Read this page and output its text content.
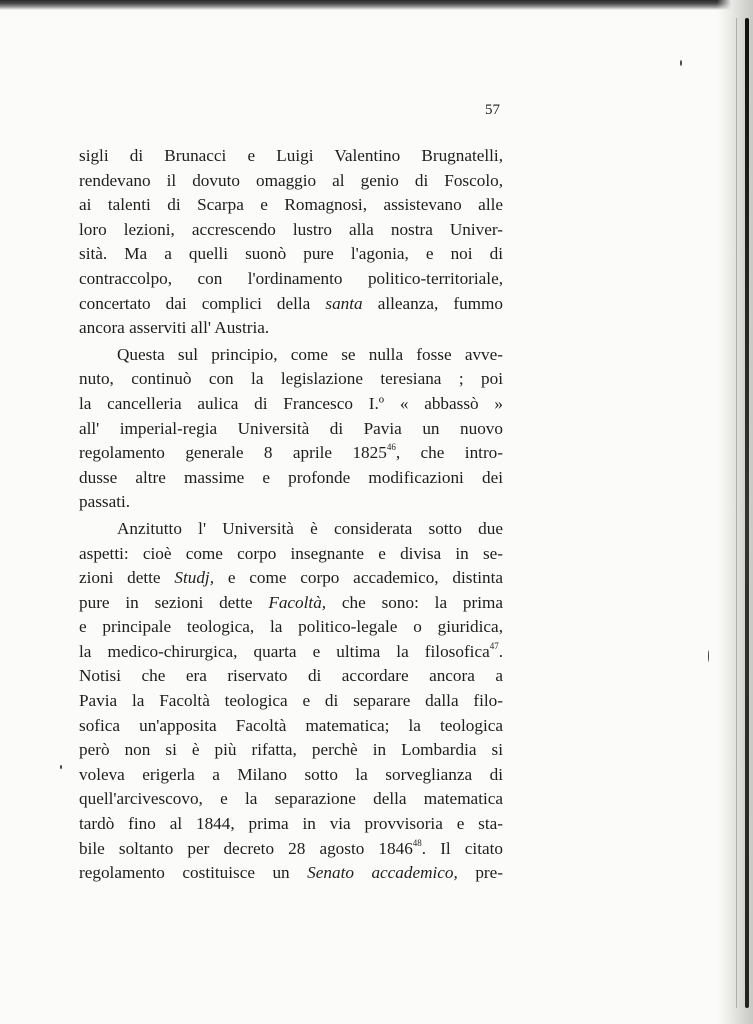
57
sigli di Brunacci e Luigi Valentino Brugnatelli,
rendevano il dovuto omaggio al genio di Foscolo,
ai talenti di Scarpa e Romagnosi, assistevano alle
loro lezioni, accrescendo lustro alla nostra Univer-
sità. Ma a quelli suonò pure l'agonia, e noi di
contraccolpo, con l'ordinamento politico-territoriale,
concertato dai complici della santa alleanza, fummo
ancora asserviti all' Austria.
Questa sul principio, come se nulla fosse avve-
nuto, continuò con la legislazione teresiana ; poi
la cancelleria aulica di Francesco I.º « abbassò »
all' imperial-regia Università di Pavia un nuovo
regolamento generale 8 aprile 1825$^{46}$, che intro-
dusse altre massime e profonde modificazioni dei
passati.
Anzitutto l' Università è considerata sotto due
aspetti: cioè come corpo insegnante e divisa in se-
zioni dette Studj, e come corpo accademico, distinta
pure in sezioni dette Facoltà, che sono: la prima
e principale teologica, la politico-legale o giuridica,
la medico-chirurgica, quarta e ultima la filosofica$^{47}$.
Notisi che era riservato di accordare ancora a
Pavia la Facoltà teologica e di separare dalla filo-
sofica un'apposita Facoltà matematica; la teologica
però non si è più rifatta, perchè in Lombardia si
voleva erigerla a Milano sotto la sorveglianza di
quell'arcivescovo, e la separazione della matematica
tardò fino al 1844, prima in via provvisoria e sta-
bile soltanto per decreto 28 agosto 1846$^{48}$. Il citato
regolamento costituisce un Senato accademico, pre-
